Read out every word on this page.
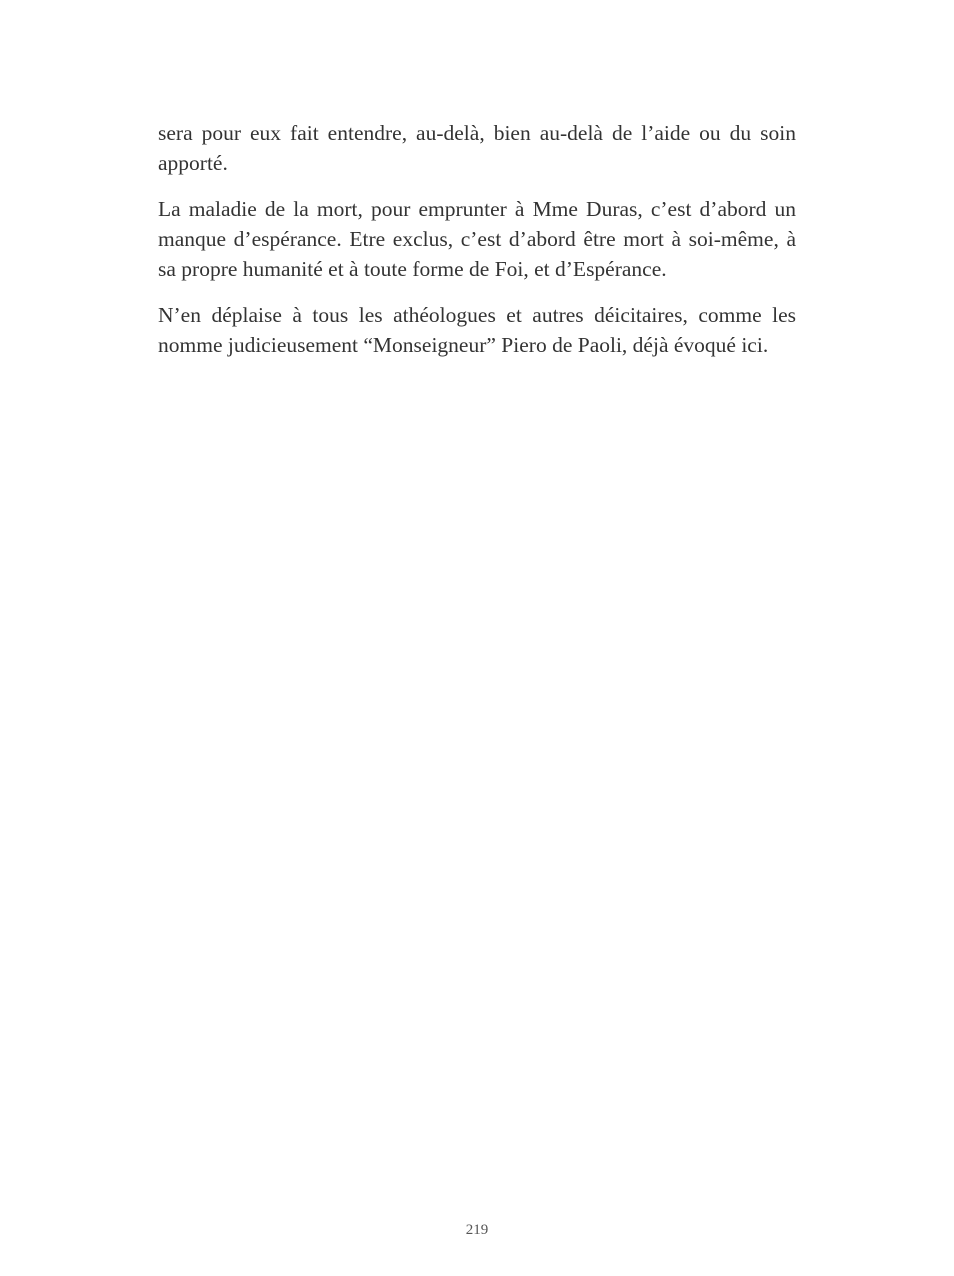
sera pour eux fait entendre, au-delà, bien au-delà de l’aide ou du soin apporté.

La maladie de la mort, pour emprunter à Mme Duras, c’est d’abord un manque d’espérance. Etre exclus, c’est d’abord être mort à soi-même, à sa propre humanité et à toute forme de Foi, et d’Espérance.

N’en déplaise à tous les athéologues et autres déicitaires, comme les nomme judicieusement “Monseigneur” Piero de Paoli, déjà évoqué ici.

219
